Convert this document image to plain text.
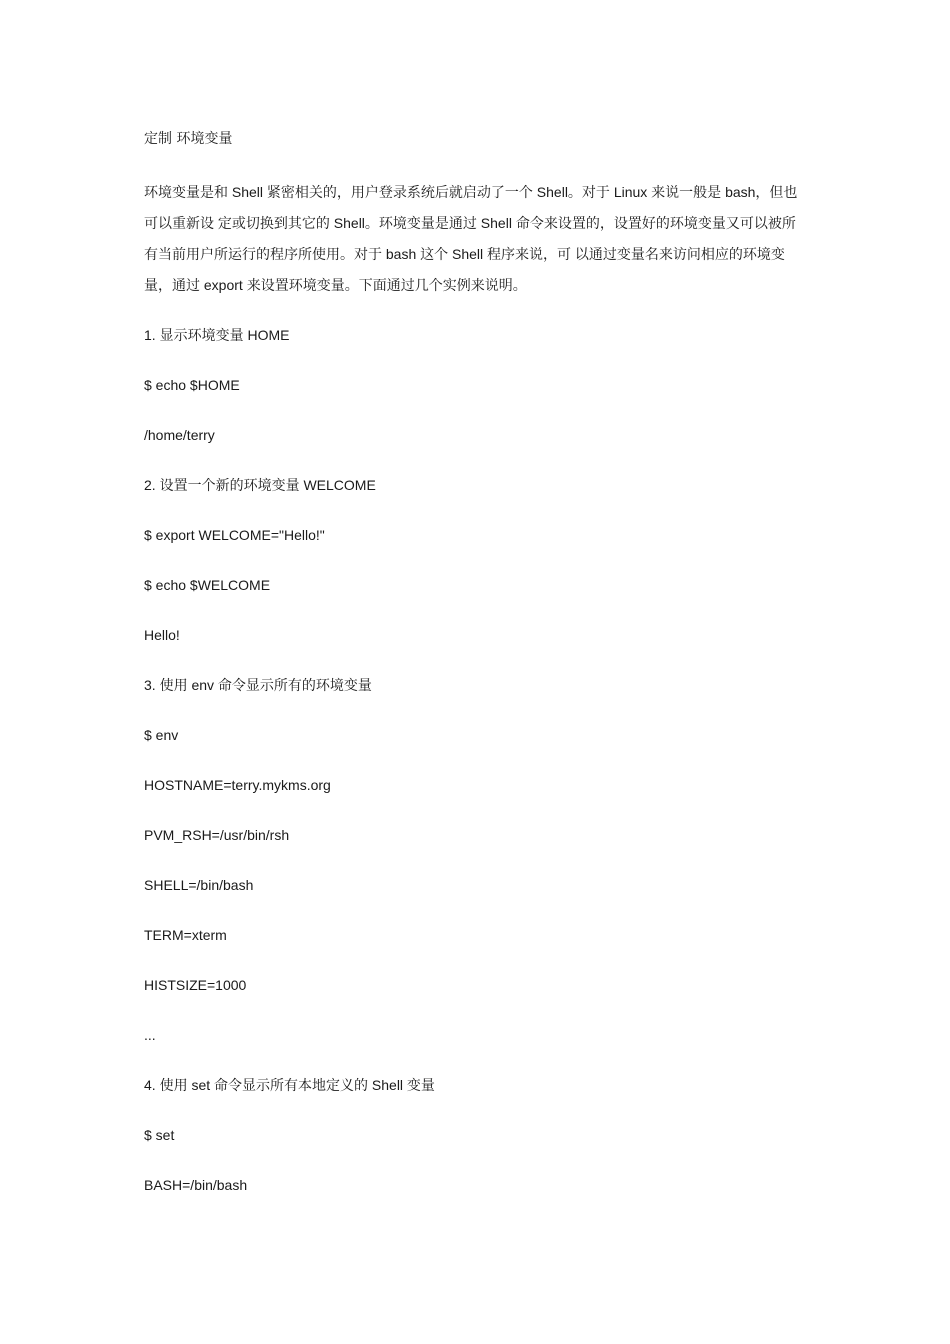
定制 环境变量
环境变量是和 Shell 紧密相关的，用户登录系统后就启动了一个 Shell。对于 Linux 来说一般是 bash，但也可以重新设 定或切换到其它的 Shell。环境变量是通过 Shell 命令来设置的，设置好的环境变量又可以被所有当前用户所运行的程序所使用。对于 bash 这个 Shell 程序来说，可 以通过变量名来访问相应的环境变量，通过 export 来设置环境变量。下面通过几个实例来说明。
1. 显示环境变量 HOME
$ echo $HOME
/home/terry
2. 设置一个新的环境变量 WELCOME
$ export WELCOME="Hello!"
$ echo $WELCOME
Hello!
3. 使用 env 命令显示所有的环境变量
$ env
HOSTNAME=terry.mykms.org
PVM_RSH=/usr/bin/rsh
SHELL=/bin/bash
TERM=xterm
HISTSIZE=1000
...
4. 使用 set 命令显示所有本地定义的 Shell 变量
$ set
BASH=/bin/bash
